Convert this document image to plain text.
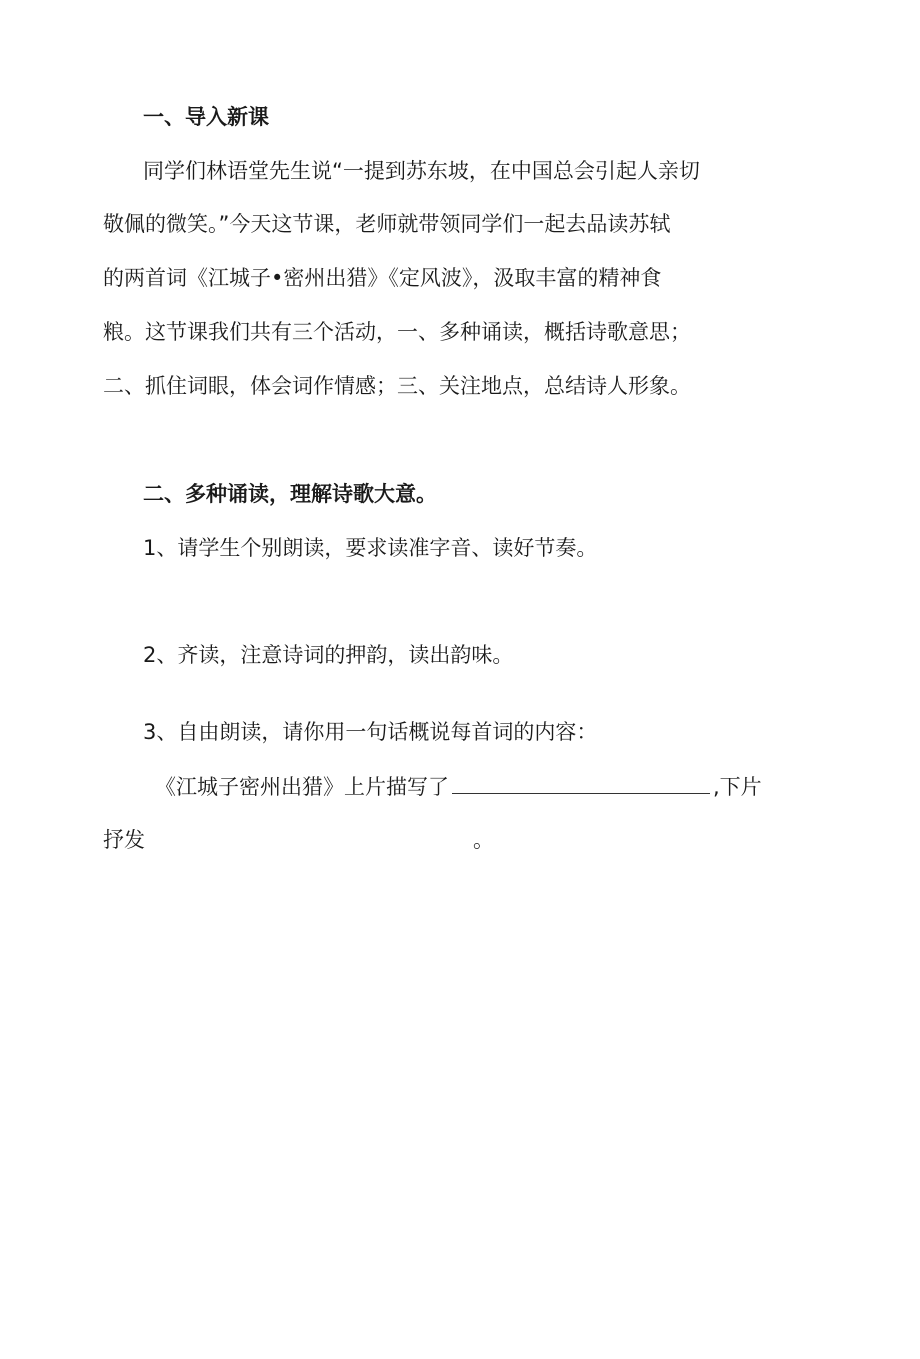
一、导入新课

同学们林语堂先生说“一提到苏东坡，在中国总会引起人亲切

敬佩的微笑。”今天这节课，老师就带领同学们一起去品读苏轼

的两首词《江城子•密州出猎》《定风波》，汲取丰富的精神食

粮。这节课我们共有三个活动，一、多种诵读，概括诗歌意思；

二、抓住词眼，体会词作情感；三、关注地点，总结诗人形象。

二、多种诵读，理解诗歌大意。

1、请学生个别朗读，要求读准字音、读好节奏。

2、齐读，注意诗词的押韵，读出韵味。

3、自由朗读，请你用一句话概说每首词的内容：

《江城子密州出猎》上片描写了	,下片

抒发	。
